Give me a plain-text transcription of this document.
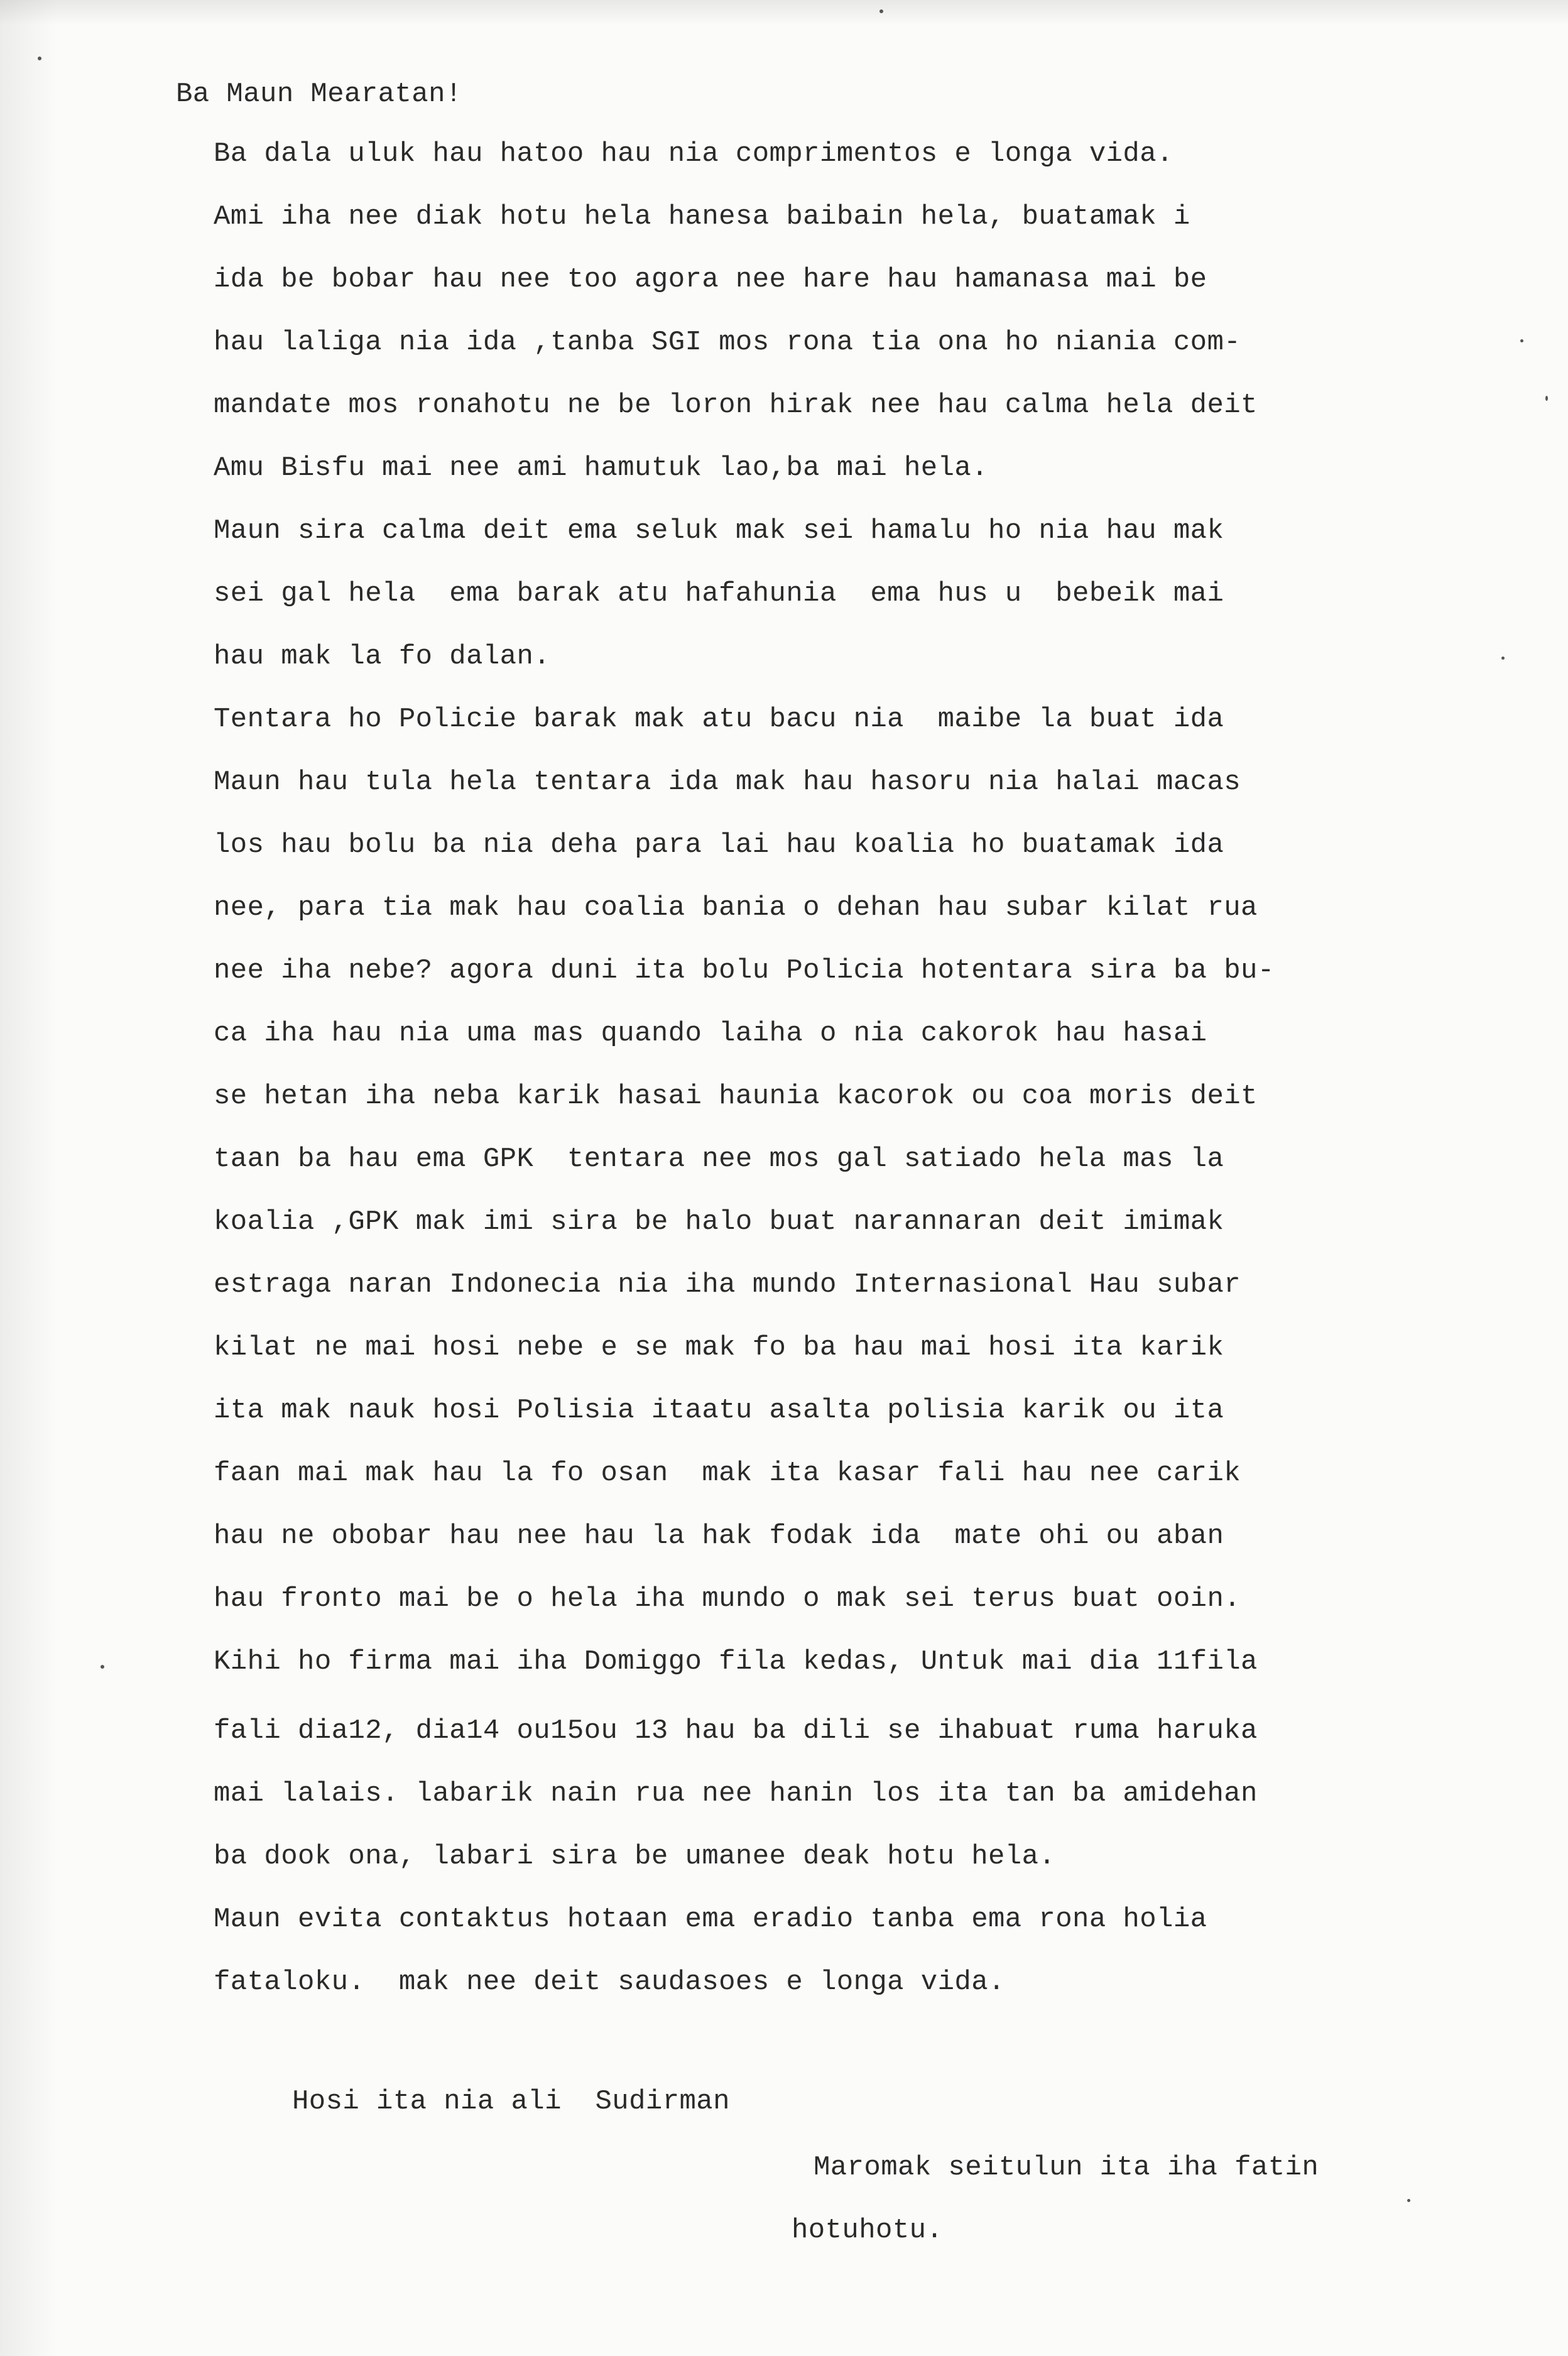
Ba Maun Mearatan!
Ba dala uluk hau hatoo hau nia comprimentos e longa vida.
Ami iha nee diak hotu hela hanesa baibain hela, buatamak i
ida be bobar hau nee too agora nee hare hau hamanasa mai be
hau laliga nia ida ,tanba SGI mos rona tia ona ho niania com-
mandate mos ronahotu ne be loron hirak nee hau calma hela deit
Amu Bisfu mai nee ami hamutuk lao,ba mai hela.
Maun sira calma deit ema seluk mak sei hamalu ho nia hau mak
sei gal hela  ema barak atu hafahunia  ema hus u  bebeik mai
hau mak la fo dalan.
Tentara ho Policie barak mak atu bacu nia  maibe la buat ida
Maun hau tula hela tentara ida mak hau hasoru nia halai macas
los hau bolu ba nia deha para lai hau koalia ho buatamak ida
nee, para tia mak hau coalia bania o dehan hau subar kilat rua
nee iha nebe? agora duni ita bolu Policia hotentara sira ba bu-
ca iha hau nia uma mas quando laiha o nia cakorok hau hasai
se hetan iha neba karik hasai haunia kacorok ou coa moris deit
taan ba hau ema GPK  tentara nee mos gal satiado hela mas la
koalia ,GPK mak imi sira be halo buat narannaran deit imimak
estraga naran Indonecia nia iha mundo Internasional Hau subar
kilat ne mai hosi nebe e se mak fo ba hau mai hosi ita karik
ita mak nauk hosi Polisia itaatu asalta polisia karik ou ita
faan mai mak hau la fo osan  mak ita kasar fali hau nee carik
hau ne obobar hau nee hau la hak fodak ida  mate ohi ou aban
hau fronto mai be o hela iha mundo o mak sei terus buat ooin.
Kihi ho firma mai iha Domiggo fila kedas, Untuk mai dia 11fila
fali dia12, dia14 ou15ou 13 hau ba dili se ihabuat ruma haruka
mai lalais. labarik nain rua nee hanin los ita tan ba amidehan
ba dook ona, labari sira be umanee deak hotu hela.
Maun evita contaktus hotaan ema eradio tanba ema rona holia
fataloku.  mak nee deit saudasoes e longa vida.
Hosi ita nia ali  Sudirman
Maromak seitulun ita iha fatin
hotuhotu.
